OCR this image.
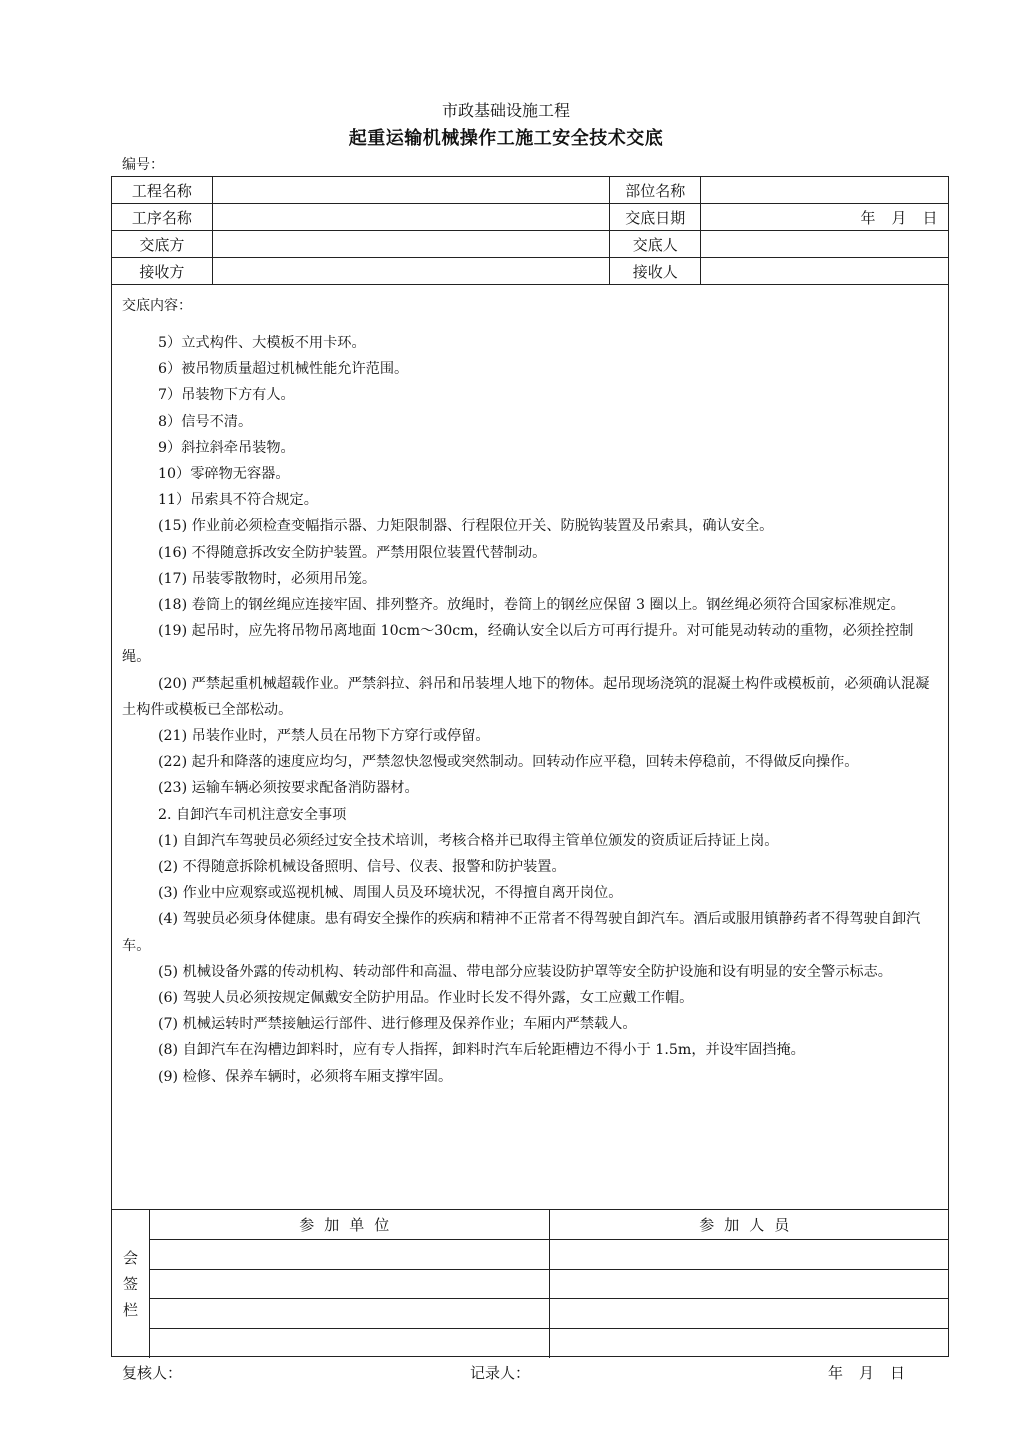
市政基础设施工程
起重运输机械操作工施工安全技术交底
编号：
工程名称		部位名称	
工序名称		交底日期	年　月　日
交底方		交底人	
接收方		接收人	
交底内容：

5）立式构件、大模板不用卡环。

6）被吊物质量超过机械性能允许范围。

7）吊装物下方有人。

8）信号不清。

9）斜拉斜牵吊装物。

10）零碎物无容器。

11）吊索具不符合规定。

(15) 作业前必须检查变幅指示器、力矩限制器、行程限位开关、防脱钩装置及吊索具，确认安全。

(16) 不得随意拆改安全防护装置。严禁用限位装置代替制动。

(17) 吊装零散物时，必须用吊笼。

(18) 卷筒上的钢丝绳应连接牢固、排列整齐。放绳时，卷筒上的钢丝应保留 3 圈以上。钢丝绳必须符合国家标准规定。

(19) 起吊时，应先将吊物吊离地面 10cm～30cm，经确认安全以后方可再行提升。对可能晃动转动的重物，必须拴控制绳。

(20) 严禁起重机械超载作业。严禁斜拉、斜吊和吊装埋人地下的物体。起吊现场浇筑的混凝土构件或模板前，必须确认混凝土构件或模板已全部松动。

(21) 吊装作业时，严禁人员在吊物下方穿行或停留。

(22) 起升和降落的速度应均匀，严禁忽快忽慢或突然制动。回转动作应平稳，回转未停稳前，不得做反向操作。

(23) 运输车辆必须按要求配备消防器材。

2. 自卸汽车司机注意安全事项

(1) 自卸汽车驾驶员必须经过安全技术培训，考核合格并已取得主管单位颁发的资质证后持证上岗。

(2) 不得随意拆除机械设备照明、信号、仪表、报警和防护装置。

(3) 作业中应观察或巡视机械、周围人员及环境状况，不得擅自离开岗位。

(4) 驾驶员必须身体健康。患有碍安全操作的疾病和精神不正常者不得驾驶自卸汽车。酒后或服用镇静药者不得驾驶自卸汽车。

(5) 机械设备外露的传动机构、转动部件和高温、带电部分应装设防护罩等安全防护设施和设有明显的安全警示标志。

(6) 驾驶人员必须按规定佩戴安全防护用品。作业时长发不得外露，女工应戴工作帽。

(7) 机械运转时严禁接触运行部件、进行修理及保养作业；车厢内严禁载人。

(8) 自卸汽车在沟槽边卸料时，应有专人指挥，卸料时汽车后轮距槽边不得小于 1.5m，并设牢固挡掩。

(9) 检修、保养车辆时，必须将车厢支撑牢固。

会
签
栏
参加单位	参加人员

复核人：	记录人：	年　月　日
